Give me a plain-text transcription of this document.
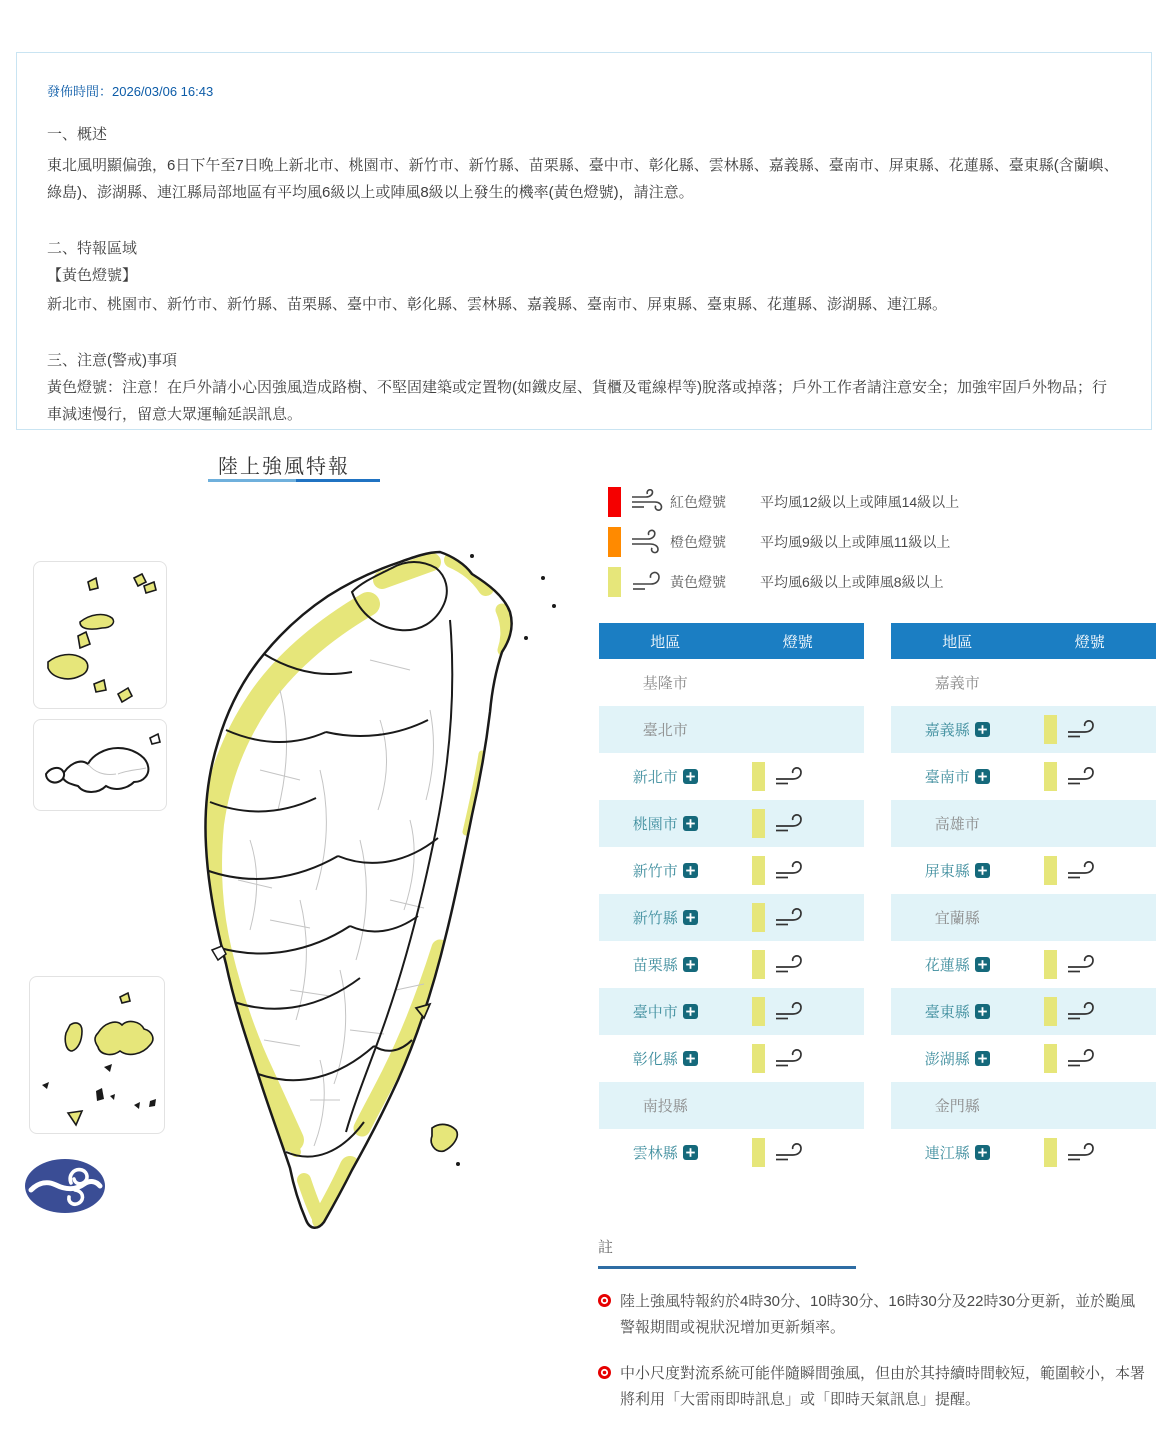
發佈時間：2026/03/06 16:43

一、概述

東北風明顯偏強，6日下午至7日晚上新北市、桃園市、新竹市、新竹縣、苗栗縣、臺中市、彰化縣、雲林縣、嘉義縣、臺南市、屏東縣、花蓮縣、臺東縣(含蘭嶼、綠島)、澎湖縣、連江縣局部地區有平均風6級以上或陣風8級以上發生的機率(黃色燈號)，請注意。

二、特報區域

【黃色燈號】

新北市、桃園市、新竹市、新竹縣、苗栗縣、臺中市、彰化縣、雲林縣、嘉義縣、臺南市、屏東縣、臺東縣、花蓮縣、澎湖縣、連江縣。

三、注意(警戒)事項

黃色燈號：注意！在戶外請小心因強風造成路樹、不堅固建築或定置物(如鐵皮屋、貨櫃及電線桿等)脫落或掉落；戶外工作者請注意安全；加強牢固戶外物品；行車減速慢行，留意大眾運輸延誤訊息。

陸上強風特報
紅色燈號	平均風12級以上或陣風14級以上
橙色燈號	平均風9級以上或陣風11級以上
黃色燈號	平均風6級以上或陣風8級以上
地區	燈號
基隆市
臺北市
新北市
桃園市
新竹市
新竹縣
苗栗縣
臺中市
彰化縣
南投縣
雲林縣
地區	燈號
嘉義市
嘉義縣
臺南市
高雄市
屏東縣
宜蘭縣
花蓮縣
臺東縣
澎湖縣
金門縣
連江縣

註

陸上強風特報約於4時30分、10時30分、16時30分及22時30分更新，並於颱風警報期間或視狀況增加更新頻率。
中小尺度對流系統可能伴隨瞬間強風，但由於其持續時間較短，範圍較小，本署將利用「大雷雨即時訊息」或「即時天氣訊息」提醒。
